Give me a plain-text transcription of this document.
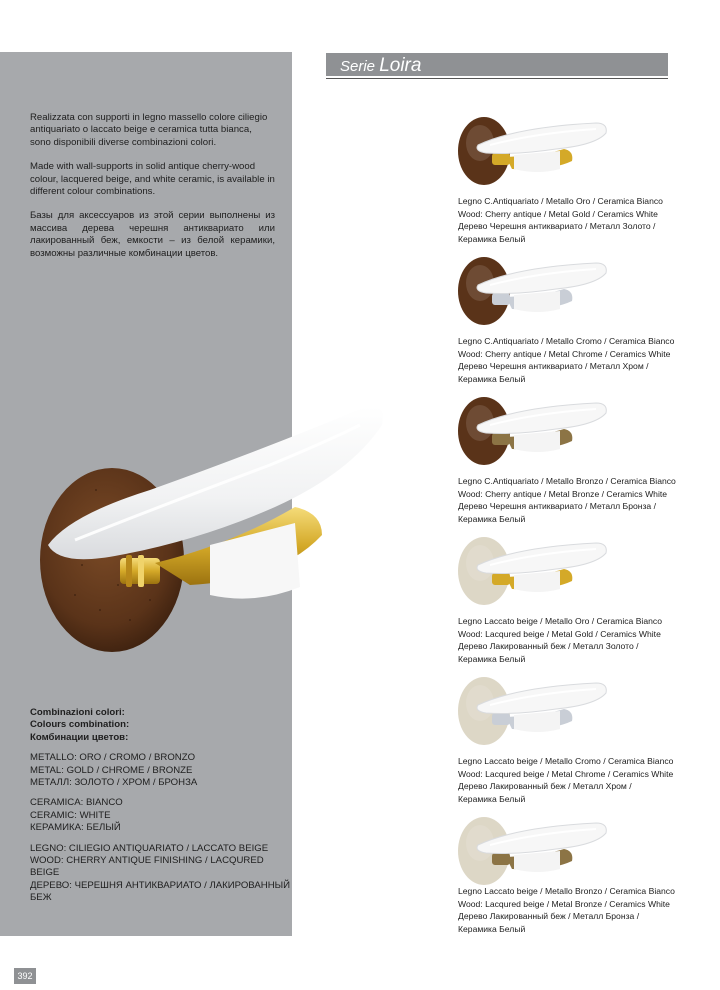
Serie Loira

Realizzata con supporti in legno massello colore ciliegio antiquariato o laccato beige e ceramica tutta bianca, sono disponibili diverse combinazioni colori.

Made with wall-supports in solid antique cherry-wood colour, lacquered beige, and white ceramic, is available in different colour combinations.

Базы для аксессуаров из этой серии выполнены из массива дерева черешня антиквариато или лакированный беж, емкости – из белой керамики, возможны различные комбинации цветов.

Combinazioni colori:
Colours combination:
Комбинации цветов:
METALLO: ORO / CROMO / BRONZO
METAL: GOLD / CHROME / BRONZE
МЕТАЛЛ: ЗОЛОТО / ХРОМ / БРОНЗА
CERAMICA: BIANCO
CERAMIC: WHITE
КЕРАМИКА: БЕЛЫЙ
LEGNO: CILIEGIO ANTIQUARIATO / LACCATO BEIGE
WOOD: CHERRY ANTIQUE FINISHING / LACQURED BEIGE
ДЕРЕВО: ЧЕРЕШНЯ АНТИКВАРИАТО / ЛАКИРОВАННЫЙ БЕЖ
Legno C.Antiquariato / Metallo Oro / Ceramica Bianco
Wood: Cherry antique / Metal Gold / Ceramics White
Дерево Черешня антиквариато / Металл Золото /
Керамика Белый
Legno C.Antiquariato / Metallo Cromo / Ceramica Bianco
Wood: Cherry antique / Metal Chrome / Ceramics White
Дерево Черешня антиквариато / Металл Хром /
Керамика Белый
Legno C.Antiquariato / Metallo Bronzo / Ceramica Bianco
Wood: Cherry antique / Metal Bronze / Ceramics White
Дерево Черешня антиквариато / Металл Бронза /
Керамика Белый
Legno Laccato beige / Metallo Oro / Ceramica Bianco
Wood: Lacqured beige / Metal Gold / Ceramics White
Дерево Лакированный беж / Металл Золото /
Керамика Белый
Legno Laccato beige / Metallo Cromo / Ceramica Bianco
Wood: Lacqured beige / Metal Chrome / Ceramics White
Дерево Лакированный беж / Металл Хром /
Керамика Белый
Legno Laccato beige / Metallo Bronzo / Ceramica Bianco
Wood: Lacqured beige / Metal Bronze / Ceramics White
Дерево Лакированный беж / Металл Бронза /
Керамика Белый
392
